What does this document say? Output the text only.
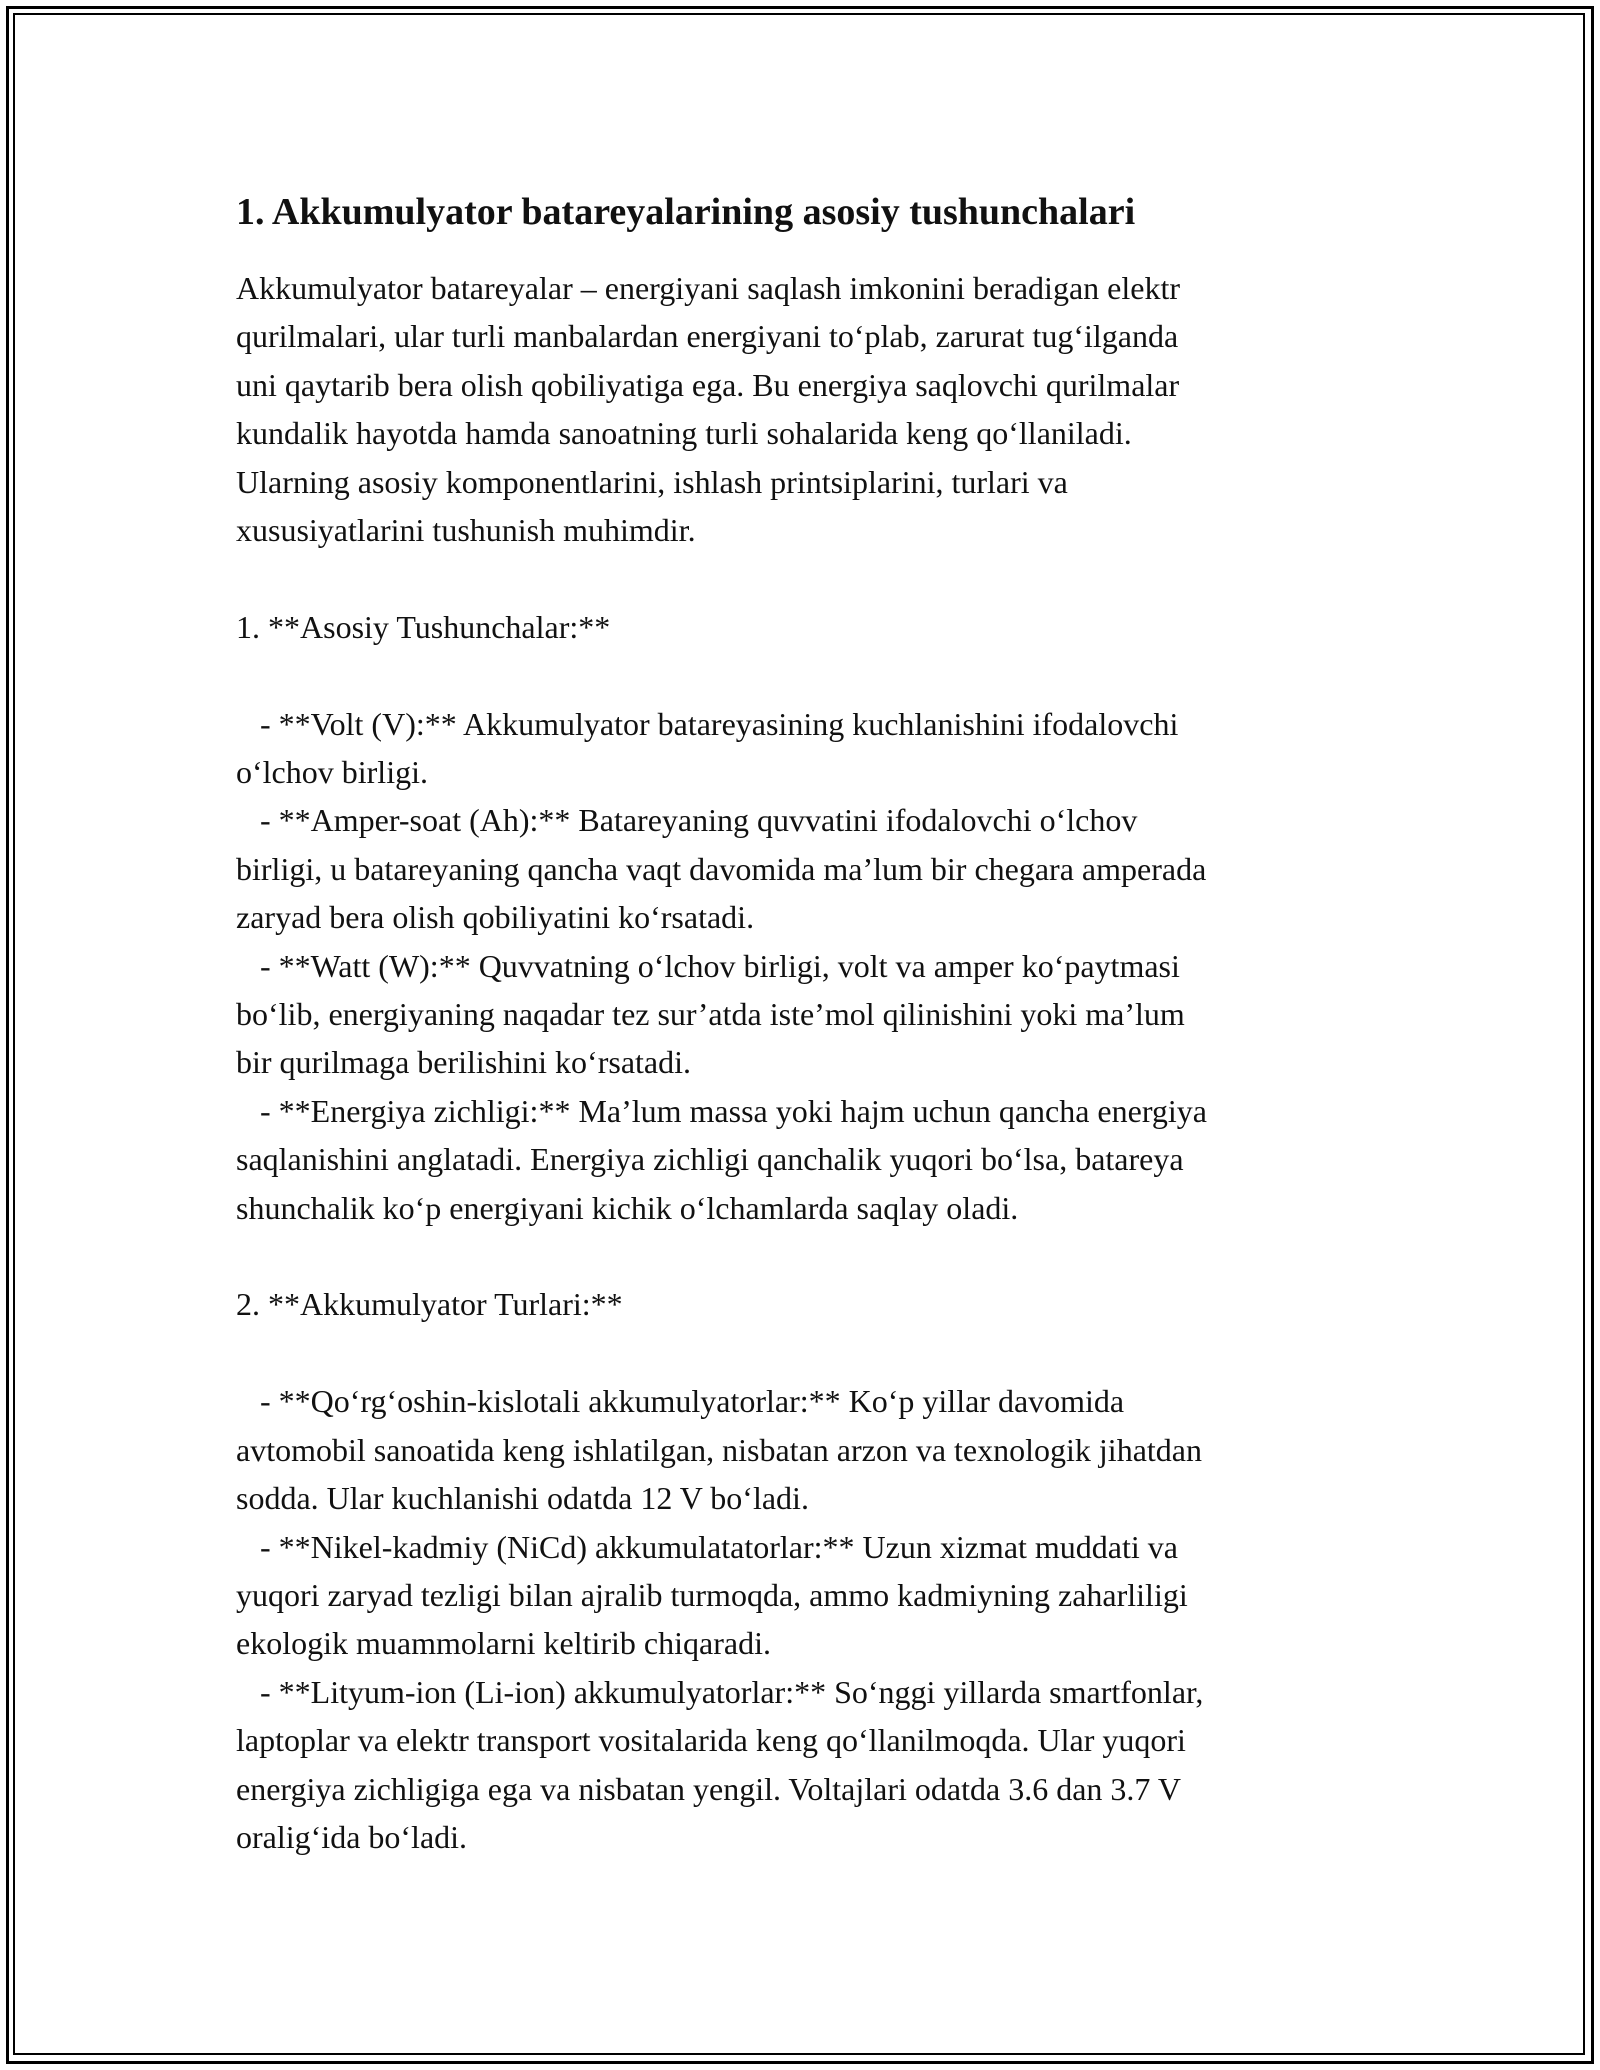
1. Akkumulyator batareyalarining asosiy tushunchalari

Akkumulyator batareyalar – energiyani saqlash imkonini beradigan elektr
qurilmalari, ular turli manbalardan energiyani to‘plab, zarurat tug‘ilganda
uni qaytarib bera olish qobiliyatiga ega. Bu energiya saqlovchi qurilmalar
kundalik hayotda hamda sanoatning turli sohalarida keng qo‘llaniladi.
Ularning asosiy komponentlarini, ishlash printsiplarini, turlari va
xususiyatlarini tushunish muhimdir.

1. **Asosiy Tushunchalar:**

- **Volt (V):** Akkumulyator batareyasining kuchlanishini ifodalovchi
o‘lchov birligi.
- **Amper-soat (Ah):** Batareyaning quvvatini ifodalovchi o‘lchov
birligi, u batareyaning qancha vaqt davomida ma’lum bir chegara amperada
zaryad bera olish qobiliyatini ko‘rsatadi.
- **Watt (W):** Quvvatning o‘lchov birligi, volt va amper ko‘paytmasi
bo‘lib, energiyaning naqadar tez sur’atda iste’mol qilinishini yoki ma’lum
bir qurilmaga berilishini ko‘rsatadi.
- **Energiya zichligi:** Ma’lum massa yoki hajm uchun qancha energiya
saqlanishini anglatadi. Energiya zichligi qanchalik yuqori bo‘lsa, batareya
shunchalik ko‘p energiyani kichik o‘lchamlarda saqlay oladi.

2. **Akkumulyator Turlari:**

- **Qo‘rg‘oshin-kislotali akkumulyatorlar:** Ko‘p yillar davomida
avtomobil sanoatida keng ishlatilgan, nisbatan arzon va texnologik jihatdan
sodda. Ular kuchlanishi odatda 12 V bo‘ladi.
- **Nikel-kadmiy (NiCd) akkumulatatorlar:** Uzun xizmat muddati va
yuqori zaryad tezligi bilan ajralib turmoqda, ammo kadmiyning zaharliligi
ekologik muammolarni keltirib chiqaradi.
- **Lityum-ion (Li-ion) akkumulyatorlar:** So‘nggi yillarda smartfonlar,
laptoplar va elektr transport vositalarida keng qo‘llanilmoqda. Ular yuqori
energiya zichligiga ega va nisbatan yengil. Voltajlari odatda 3.6 dan 3.7 V
oralig‘ida bo‘ladi.
